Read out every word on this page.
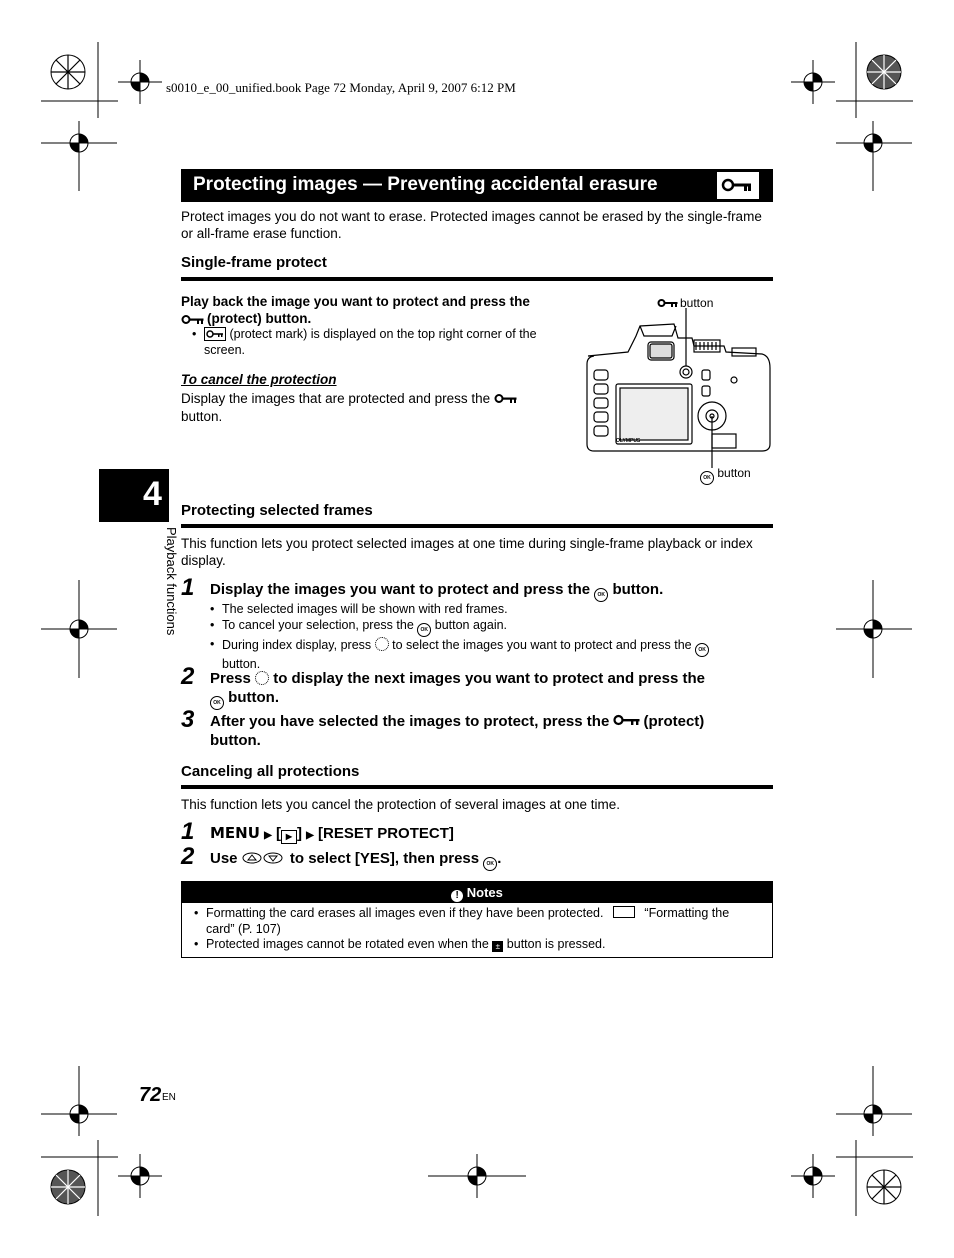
s0010_e_00_unified.book Page 72 Monday, April 9, 2007 6:12 PM
Protecting images — Preventing accidental erasure
Protect images you do not want to erase. Protected images cannot be erased by the single-frame or all-frame erase function.
Single-frame protect
Play back the image you want to protect and press the
(protect) button.
•	(protect mark) is displayed on the top right corner of the
screen.
To cancel the protection
Display the images that are protected and press the
button.
button
OLYMPUS
OK button
4
Playback functions
Protecting selected frames
This function lets you protect selected images at one time during single-frame playback or index display.
1 Display the images you want to protect and press the OK button.
• The selected images will be shown with red frames.
• To cancel your selection, press the OK button again.
• During index display, press to select the images you want to protect and press the OK
button.
2 Press to display the next images you want to protect and press the
OK button.
3 After you have selected the images to protect, press the (protect)
button.
Canceling all protections
This function lets you cancel the protection of several images at one time.
1 MENU ▶ [ ▶ ] ▶ [RESET PROTECT]
2 Use	to select [YES], then press OK .
! Notes
• Formatting the card erases all images even if they have been protected.	“Formatting the
card” (P. 107)
• Protected images cannot be rotated even when the ± button is pressed.
72 EN
